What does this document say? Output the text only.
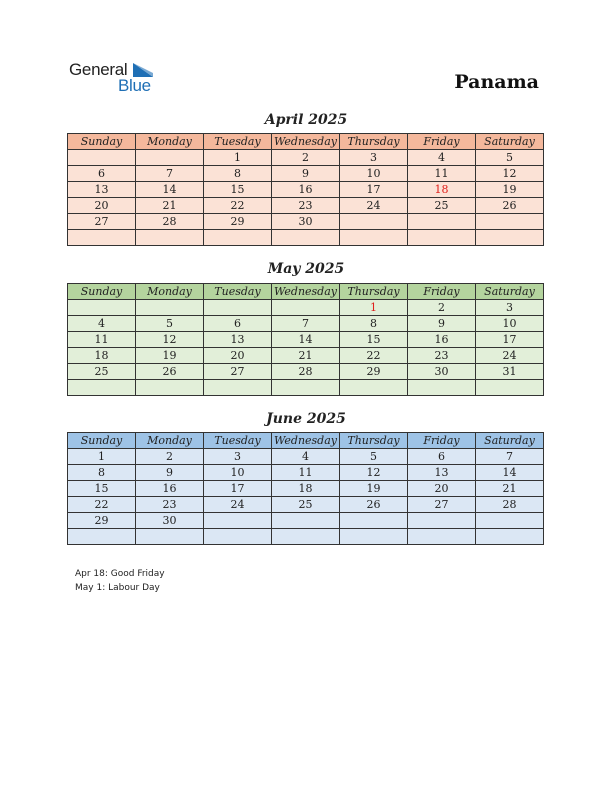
General
Blue	Panama
April 2025
Sunday	Monday	Tuesday	Wednesday	Thursday	Friday	Saturday
		1	2	3	4	5
6	7	8	9	10	11	12
13	14	15	16	17	18	19
20	21	22	23	24	25	26
27	28	29	30			

May 2025
Sunday	Monday	Tuesday	Wednesday	Thursday	Friday	Saturday
				1	2	3
4	5	6	7	8	9	10
11	12	13	14	15	16	17
18	19	20	21	22	23	24
25	26	27	28	29	30	31

June 2025
Sunday	Monday	Tuesday	Wednesday	Thursday	Friday	Saturday
1	2	3	4	5	6	7
8	9	10	11	12	13	14
15	16	17	18	19	20	21
22	23	24	25	26	27	28
29	30					

Apr 18: Good Friday
May 1: Labour Day
